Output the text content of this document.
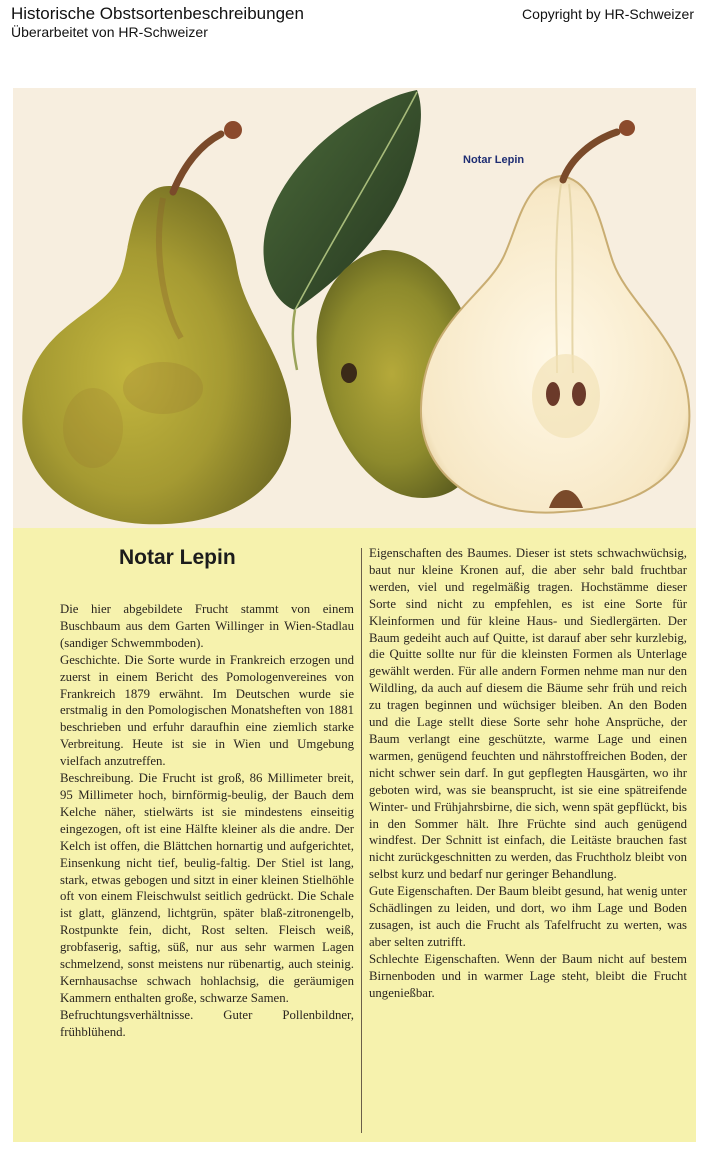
Historische Obstsortenbeschreibungen
Überarbeitet von HR-Schweizer
Copyright by HR-Schweizer
Notar Lepin
Notar Lepin

Die hier abgebildete Frucht stammt von einem Buschbaum aus dem Garten Willinger in Wien-Stadlau (sandiger Schwemmboden).

Geschichte. Die Sorte wurde in Frankreich erzogen und zuerst in einem Bericht des Pomologenvereines von Frankreich 1879 erwähnt. Im Deutschen wurde sie erstmalig in den Pomologischen Monatsheften von 1881 beschrieben und erfuhr daraufhin eine ziemlich starke Verbreitung. Heute ist sie in Wien und Umgebung vielfach anzutreffen.

Beschreibung. Die Frucht ist groß, 86 Millimeter breit, 95 Millimeter hoch, birnförmig-beulig, der Bauch dem Kelche näher, stielwärts ist sie mindestens einseitig eingezogen, oft ist eine Hälfte kleiner als die andre. Der Kelch ist offen, die Blättchen hornartig und aufgerichtet, Einsenkung nicht tief, beulig-faltig. Der Stiel ist lang, stark, etwas gebogen und sitzt in einer kleinen Stielhöhle oft von einem Fleischwulst seitlich gedrückt. Die Schale ist glatt, glänzend, lichtgrün, später blaß-zitronengelb, Rostpunkte fein, dicht, Rost selten. Fleisch weiß, grobfaserig, saftig, süß, nur aus sehr warmen Lagen schmelzend, sonst meistens nur rübenartig, auch steinig. Kernhausachse schwach hohlachsig, die geräumigen Kammern enthalten große, schwarze Samen.

Befruchtungsverhältnisse. Guter Pollenbildner, frühblühend.

Eigenschaften des Baumes. Dieser ist stets schwachwüchsig, baut nur kleine Kronen auf, die aber sehr bald fruchtbar werden, viel und regelmäßig tragen. Hochstämme dieser Sorte sind nicht zu empfehlen, es ist eine Sorte für Kleinformen und für kleine Haus- und Siedlergärten. Der Baum gedeiht auch auf Quitte, ist darauf aber sehr kurzlebig, die Quitte sollte nur für die kleinsten Formen als Unterlage gewählt werden. Für alle andern Formen nehme man nur den Wildling, da auch auf diesem die Bäume sehr früh und reich zu tragen beginnen und wüchsiger bleiben. An den Boden und die Lage stellt diese Sorte sehr hohe Ansprüche, der Baum verlangt eine geschützte, warme Lage und einen warmen, genügend feuchten und nährstoffreichen Boden, der nicht schwer sein darf. In gut gepflegten Hausgärten, wo ihr geboten wird, was sie beansprucht, ist sie eine spätreifende Winter- und Frühjahrsbirne, die sich, wenn spät gepflückt, bis in den Sommer hält. Ihre Früchte sind auch genügend windfest. Der Schnitt ist einfach, die Leitäste brauchen fast nicht zurückgeschnitten zu werden, das Fruchtholz bleibt von selbst kurz und bedarf nur geringer Behandlung.

Gute Eigenschaften. Der Baum bleibt gesund, hat wenig unter Schädlingen zu leiden, und dort, wo ihm Lage und Boden zusagen, ist auch die Frucht als Tafelfrucht zu werten, was aber selten zutrifft.

Schlechte Eigenschaften. Wenn der Baum nicht auf bestem Birnenboden und in warmer Lage steht, bleibt die Frucht ungenießbar.
